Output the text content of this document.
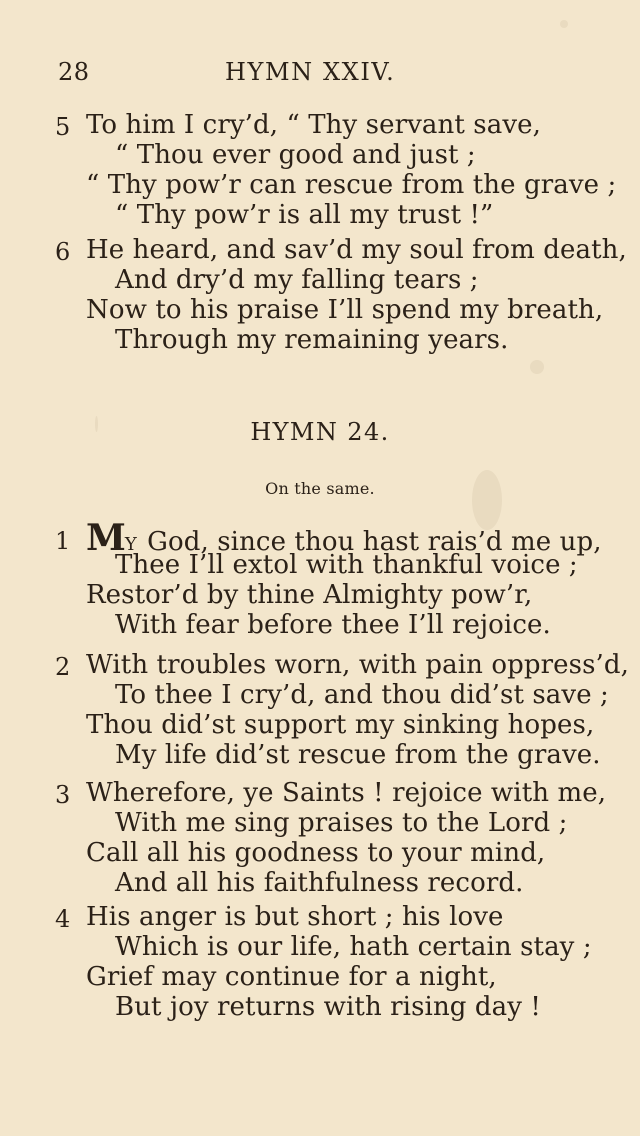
28	HYMN XXIV.
5 To him I cry’d, “ Thy servant save,
“ Thou ever good and just ;
“ Thy pow’r can rescue from the grave ;
“ Thy pow’r is all my trust !”
6 He heard, and sav’d my soul from death,
And dry’d my falling tears ;
Now to his praise I’ll spend my breath,
Through my remaining years.
HYMN 24.
On the same.
1 MY God, since thou hast rais’d me up,
Thee I’ll extol with thankful voice ;
Restor’d by thine Almighty pow’r,
With fear before thee I’ll rejoice.
2 With troubles worn, with pain oppress’d,
To thee I cry’d, and thou did’st save ;
Thou did’st support my sinking hopes,
My life did’st rescue from the grave.
3 Wherefore, ye Saints ! rejoice with me,
With me sing praises to the Lord ;
Call all his goodness to your mind,
And all his faithfulness record.
4 His anger is but short ; his love
Which is our life, hath certain stay ;
Grief may continue for a night,
But joy returns with rising day !
